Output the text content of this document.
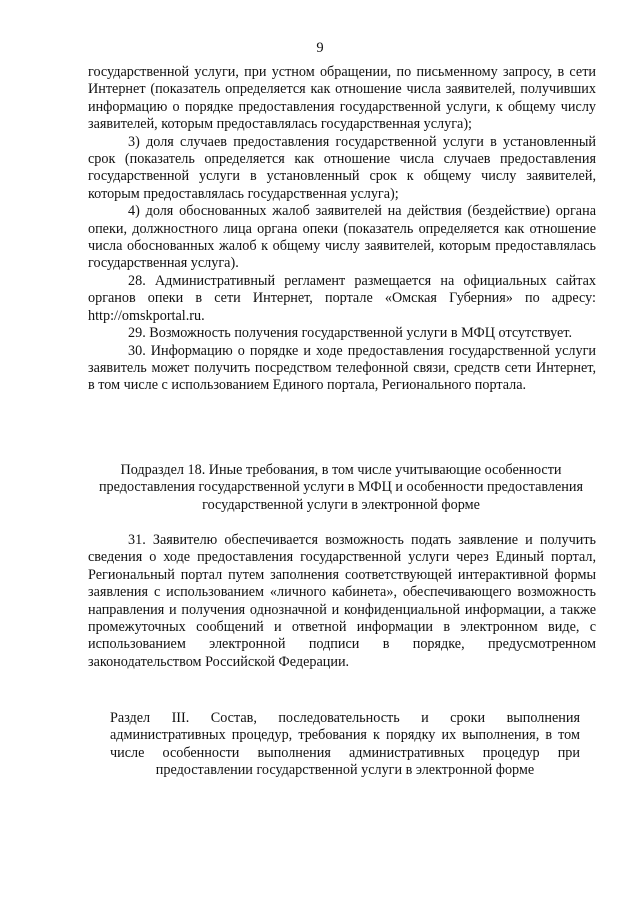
9

государственной услуги, при устном обращении, по письменному запросу, в сети Интернет (показатель определяется как отношение числа заявителей, получивших информацию о порядке предоставления государственной услуги, к общему числу заявителей, которым предоставлялась государственная услуга);

3) доля случаев предоставления государственной услуги в установленный срок (показатель определяется как отношение числа случаев предоставления государственной услуги в установленный срок к общему числу заявителей, которым предоставлялась государственная услуга);

4) доля обоснованных жалоб заявителей на действия (бездействие) органа опеки, должностного лица органа опеки (показатель определяется как отношение числа обоснованных жалоб к общему числу заявителей, которым предоставлялась государственная услуга).

28. Административный регламент размещается на официальных сайтах органов опеки в сети Интернет, портале «Омская Губерния» по адресу: http://omskportal.ru.

29. Возможность получения государственной услуги в МФЦ отсутствует.

30. Информацию о порядке и ходе предоставления государственной услуги заявитель может получить посредством телефонной связи, средств сети Интернет, в том числе с использованием Единого портала, Регионального портала.

Подраздел 18. Иные требования, в том числе учитывающие особенности предоставления государственной услуги в МФЦ и особенности предоставления государственной услуги в электронной форме

31. Заявителю обеспечивается возможность подать заявление и получить сведения о ходе предоставления государственной услуги через Единый портал, Региональный портал путем заполнения соответствующей интерактивной формы заявления с использованием «личного кабинета», обеспечивающего возможность направления и получения однозначной и конфиденциальной информации, а также промежуточных сообщений и ответной информации в электронном виде, с использованием электронной подписи в порядке, предусмотренном законодательством Российской Федерации.

Раздел III. Состав, последовательность и сроки выполнения административных процедур, требования к порядку их выполнения, в том числе особенности выполнения административных процедур при предоставлении государственной услуги в электронной форме
